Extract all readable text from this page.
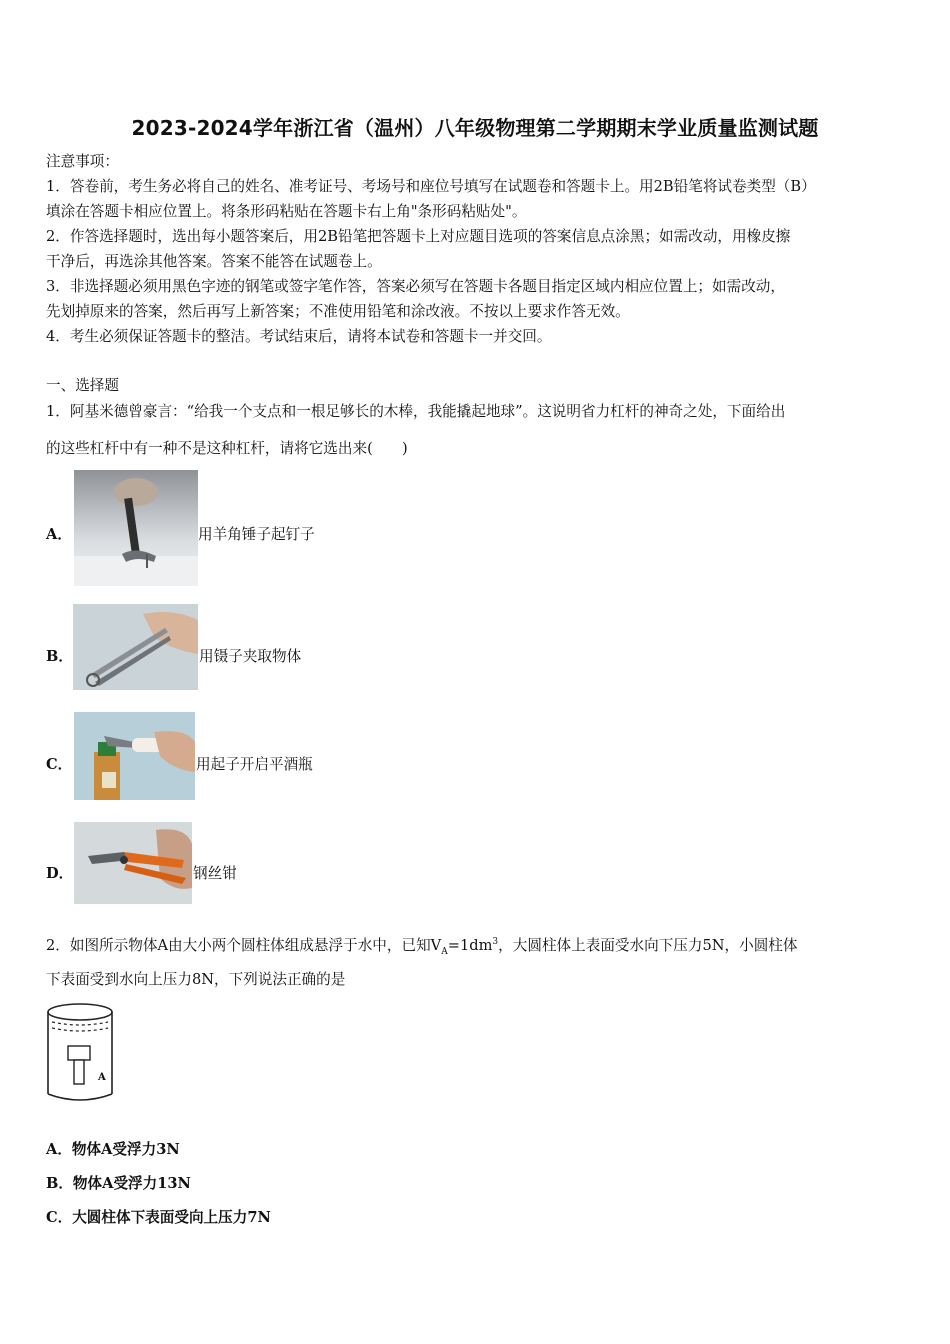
2023-2024学年浙江省（温州）八年级物理第二学期期末学业质量监测试题
注意事项：
1．答卷前，考生务必将自己的姓名、准考证号、考场号和座位号填写在试题卷和答题卡上。用2B铅笔将试卷类型（B）
填涂在答题卡相应位置上。将条形码粘贴在答题卡右上角"条形码粘贴处"。
2．作答选择题时，选出每小题答案后，用2B铅笔把答题卡上对应题目选项的答案信息点涂黑；如需改动，用橡皮擦
干净后，再选涂其他答案。答案不能答在试题卷上。
3．非选择题必须用黑色字迹的钢笔或签字笔作答，答案必须写在答题卡各题目指定区域内相应位置上；如需改动，
先划掉原来的答案，然后再写上新答案；不准使用铅笔和涂改液。不按以上要求作答无效。
4．考生必须保证答题卡的整洁。考试结束后，请将本试卷和答题卡一并交回。
一、选择题
1．阿基米德曾豪言：“给我一个支点和一根足够长的木棒，我能撬起地球”。这说明省力杠杆的神奇之处，下面给出
的这些杠杆中有一种不是这种杠杆，请将它选出来(　　)
A．	用羊角锤子起钉子
B．	用镊子夹取物体
C．	用起子开启平酒瓶
D．	钢丝钳
2．如图所示物体A由大小两个圆柱体组成悬浮于水中，已知$V_A=1dm^3$，大圆柱体上表面受水向下压力5N，小圆柱体
下表面受到水向上压力8N，下列说法正确的是
A
A．物体A受浮力3N
B．物体A受浮力13N
C．大圆柱体下表面受向上压力7N
